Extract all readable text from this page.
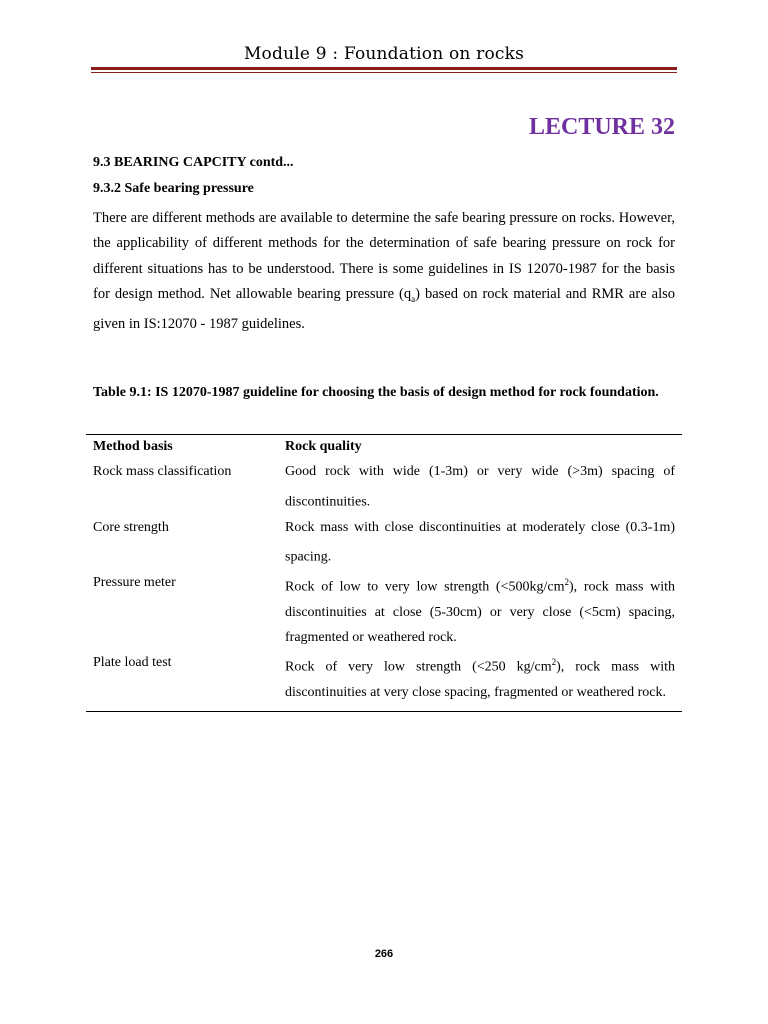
Module 9 : Foundation on rocks
LECTURE 32
9.3 BEARING CAPCITY contd...
9.3.2 Safe bearing pressure
There are different methods are available to determine the safe bearing pressure on rocks. However, the applicability of different methods for the determination of safe bearing pressure on rock for different situations has to be understood. There is some guidelines in IS 12070-1987 for the basis for design method. Net allowable bearing pressure $(q_a)$ based on rock material and RMR are also given in IS:12070 - 1987 guidelines.
Table 9.1: IS 12070-1987 guideline for choosing the basis of design method for rock foundation.
Method basis	Rock quality
Rock mass classification	Good rock with wide (1-3m) or very wide (>3m) spacing of discontinuities.
Core strength	Rock mass with close discontinuities at moderately close (0.3-1m) spacing.
Pressure meter	Rock of low to very low strength $(<500kg/cm^2)$, rock mass with discontinuities at close (5-30cm) or very close (<5cm) spacing, fragmented or weathered rock.
Plate load test	Rock of very low strength (<250 $kg/cm^2$), rock mass with discontinuities at very close spacing, fragmented or weathered rock.
266
